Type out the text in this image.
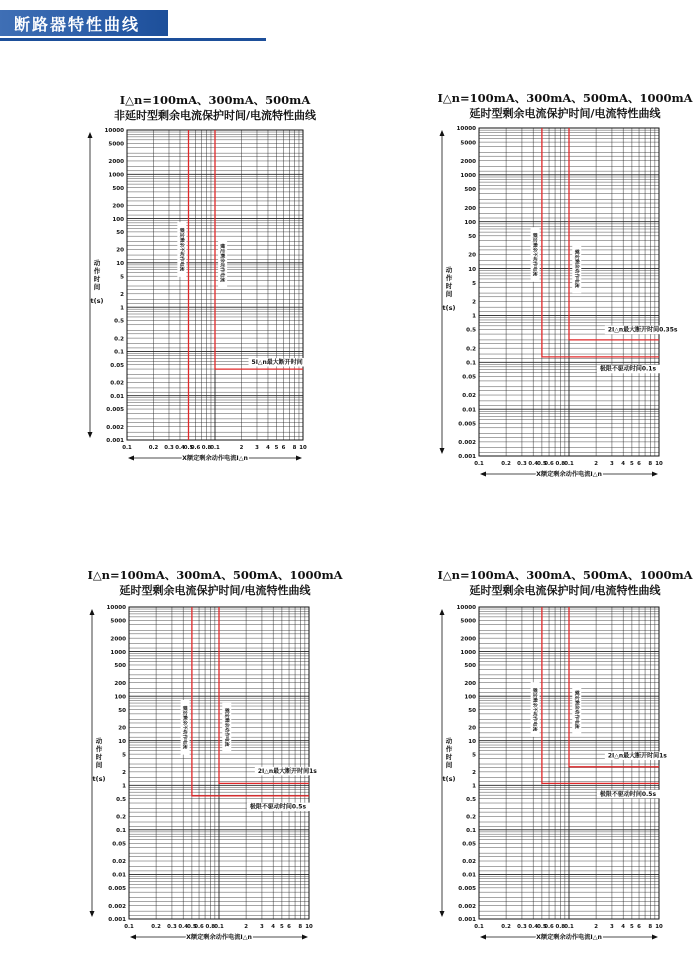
断路器特性曲线
I△n=100mA、300mA、500mA
非延时型剩余电流保护时间/电流特性曲线
10000
5000
2000
1000
500
200
100
50
20
10
5
2
1
0.5
0.2
0.1
0.05
0.02
0.01
0.005
0.002
0.001
0.1	0.2 0.3 0.4
0.5
0.6 0.8
0.1	2 3 4 5 6 8 10
动
作
时
间
t(s)
X额定剩余动作电流I△n
额定剩余不动作电流	额定剩余动作电流
5I△n最大断开时间
I△n=100mA、300mA、500mA、1000mA
延时型剩余电流保护时间/电流特性曲线
10000
5000
2000
1000
500
200
100
50
20
10
5
2
1
0.5
0.2
0.1
0.05
0.02
0.01
0.005
0.002
0.001
0.1	0.2 0.3 0.4 0.5
0.6 0.8 0.1	2 3 4 5 6 8 10
动
作
时
间
t(s)
X额定剩余动作电流I△n
额定剩余不动作电流	额定剩余动作电流
2I△n最大断开时间0.35s
极限不驱动时间0.1s
I△n=100mA、300mA、500mA、1000mA
延时型剩余电流保护时间/电流特性曲线
10000
5000
2000
1000
500
200
100
50
20
10
5
2
1
0.5
0.2
0.1
0.05
0.02
0.01
0.005
0.002
0.001
0.1	0.2 0.3 0.4 0.5
0.6 0.8 0.1	2 3 4 5 6 8 10
动
作
时
间
t(s)
X额定剩余动作电流I△n
额定剩余不动作电流	额定剩余动作电流
2I△n最大断开时间1s
极限不驱动时间0.5s
I△n=100mA、300mA、500mA、1000mA
延时型剩余电流保护时间/电流特性曲线
10000
5000
2000
1000
500
200
100
50
20
10
5
2
1
0.5
0.2
0.1
0.05
0.02
0.01
0.005
0.002
0.001
0.1	0.2 0.3 0.4 0.5
0.6 0.8 0.1	2 3 4 5 6 8 10
动
作
时
间
t(s)
X额定剩余动作电流I△n
额定剩余不动作电流	额定剩余动作电流
2I△n最大断开时间1s
极限不驱动时间0.5s
